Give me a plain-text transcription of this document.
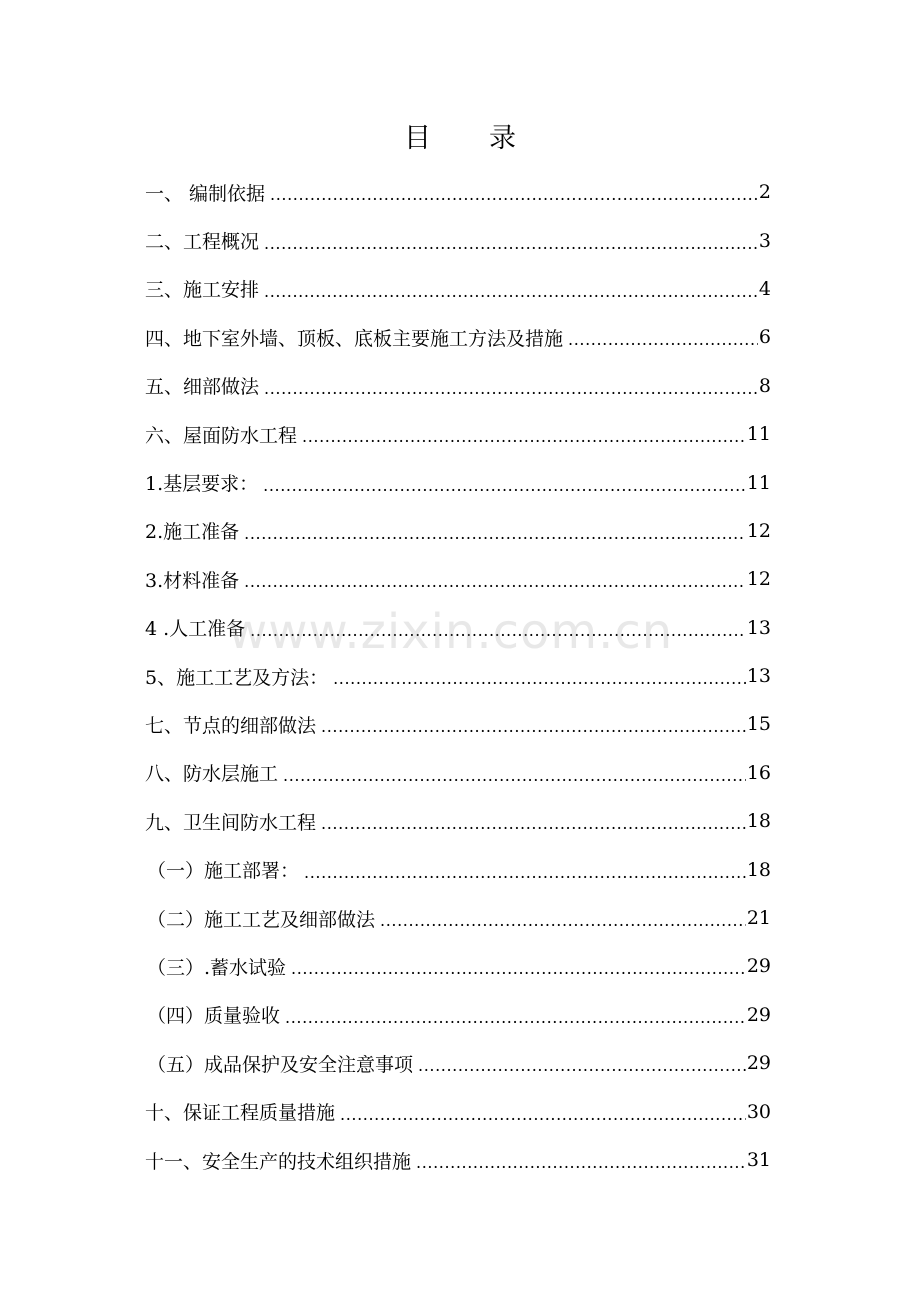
目 录
一、 编制依据 .....	2
二、工程概况 .....	3
三、施工安排 .....	4
四、地下室外墙、顶板、底板主要施工方法及措施 .....	6
五、细部做法 .....	8
六、屋面防水工程 .....	11
1.基层要求： .....	11
2.施工准备 .....	12
3.材料准备 .....	12
4 .人工准备 .....	13
5、施工工艺及方法： .....	13
七、节点的细部做法 .....	15
八、防水层施工 .....	16
九、卫生间防水工程 .....	18
（一）施工部署： .....	18
（二）施工工艺及细部做法 .....	21
（三）.蓄水试验 .....	29
（四）质量验收 .....	29
（五）成品保护及安全注意事项 .....	29
十、保证工程质量措施 .....	30
十一、安全生产的技术组织措施 .....	31
www.zixin.com.cn
